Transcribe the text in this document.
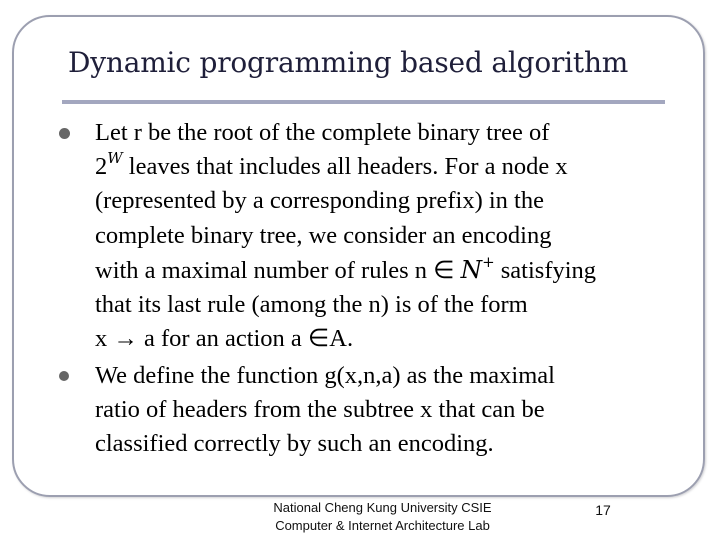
Dynamic programming based algorithm

Let r be the root of the complete binary tree of
$2^W$ leaves that includes all headers. For a node x
(represented by a corresponding prefix) in the
complete binary tree, we consider an encoding
with a maximal number of rules n ∈ N+ satisfying
that its last rule (among the n) is of the form
x → a for an action a ∈A.

We define the function g(x,n,a) as the maximal
ratio of headers from the subtree x that can be
classified correctly by such an encoding.

National Cheng Kung University CSIE
Computer & Internet Architecture Lab
17
